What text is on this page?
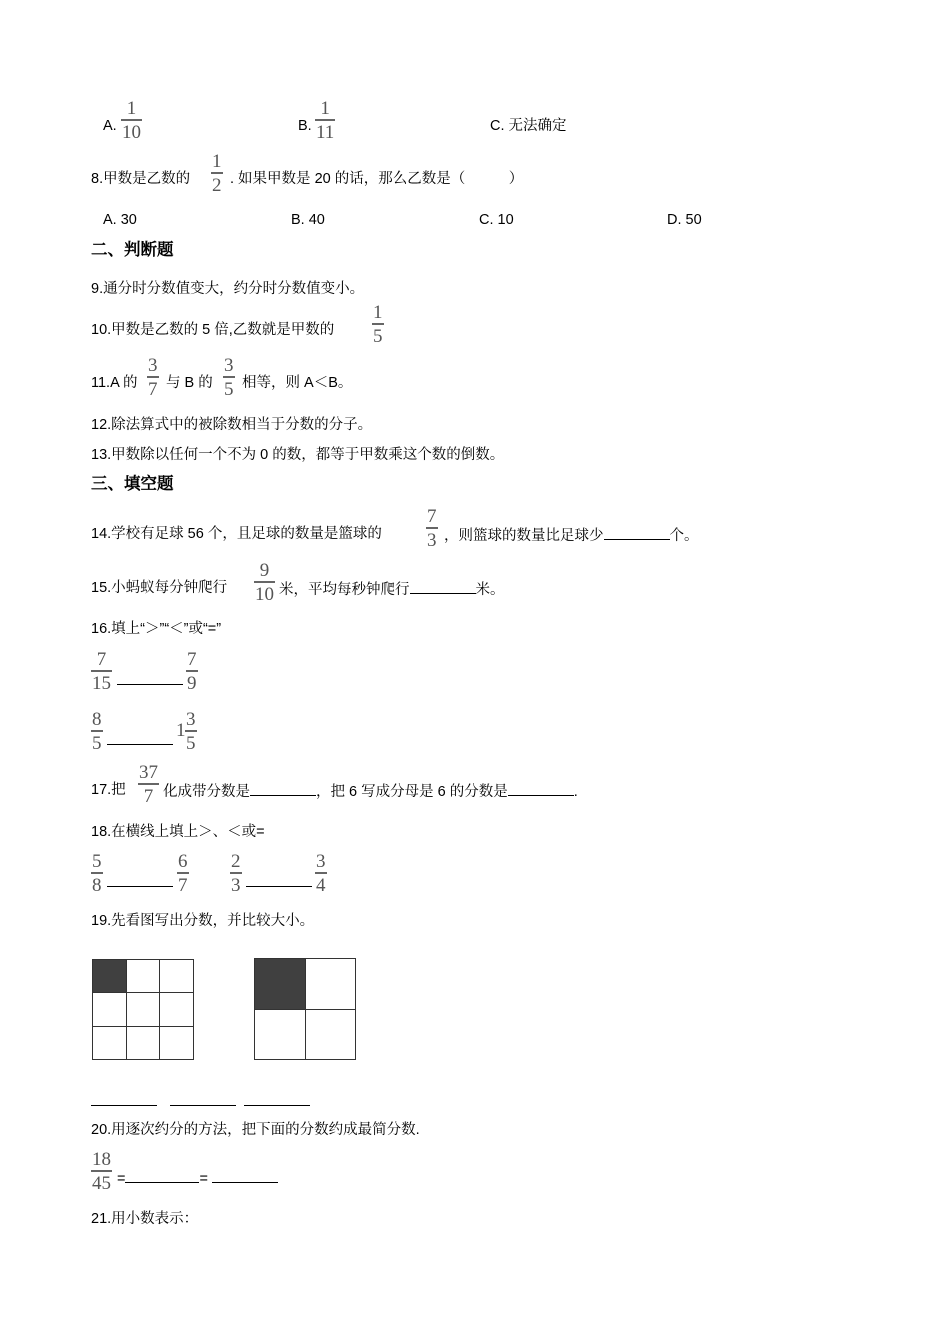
A.
1
10	B.
1
11	C. 无法确定
8.甲数是乙数的
1
2 . 如果甲数是 20 的话，那么乙数是（　　　）
A. 30	B. 40	C. 10	D. 50
二、判断题
9.通分时分数值变大，约分时分数值变小。
10.甲数是乙数的 5 倍,乙数就是甲数的
1
5
11.A 的
3
7 与 B 的
3
5 相等，则 A＜B。
12.除法算式中的被除数相当于分数的分子。
13.甲数除以任何一个不为 0 的数，都等于甲数乘这个数的倒数。
三、填空题
14.学校有足球 56 个，且足球的数量是篮球的
7
3 ，则篮球的数量比足球少	个。
15.小蚂蚁每分钟爬行
9
10 米，平均每秒钟爬行	米。
16.填上“＞”“＜”或“=”
7
15
7
9
8
5
1
3
5
17.把
37
7 化成带分数是	，把 6 写成分母是 6 的分数是	.
18.在横线上填上＞、＜或=
5
8
6
7
2
3
3
4
19.先看图写出分数，并比较大小。

20.用逐次约分的方法，把下面的分数约成最简分数.
18
45 =	=
21.用小数表示：
